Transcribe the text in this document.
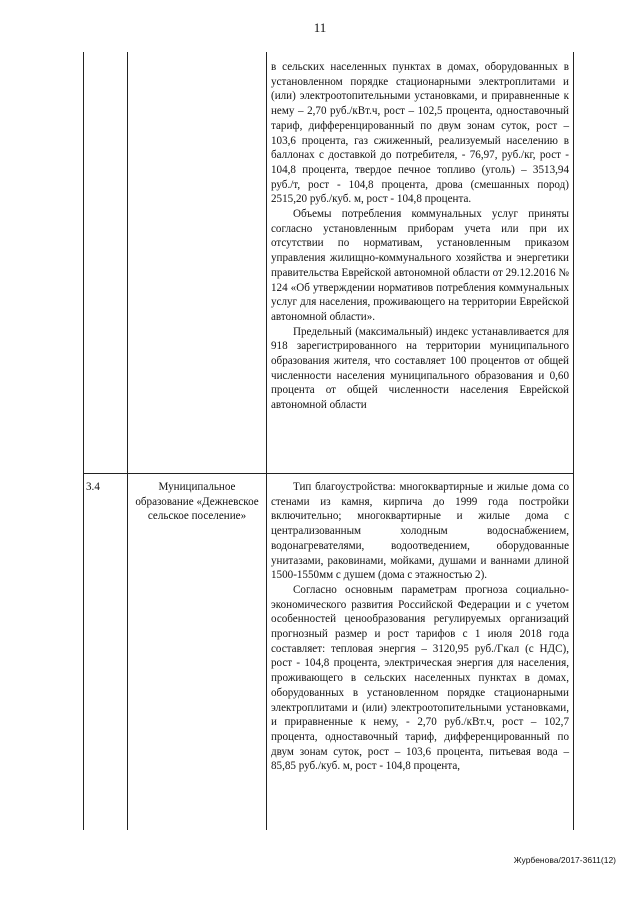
11

в сельских населенных пунктах в домах, оборудованных в установленном порядке стационарными электроплитами и (или) электроотопительными установками, и приравненные к нему – 2,70 руб./кВт.ч, рост – 102,5 процента, одноставочный тариф, дифференцированный по двум зонам суток, рост – 103,6 процента, газ сжиженный, реализуемый населению в баллонах с доставкой до потребителя, - 76,97, руб./кг, рост - 104,8 процента, твердое печное топливо (уголь) – 3513,94 руб./т, рост - 104,8 процента, дрова (смешанных пород) 2515,20 руб./куб. м, рост - 104,8 процента.

Объемы потребления коммунальных услуг приняты согласно установленным приборам учета или при их отсутствии по нормативам, установленным приказом управления жилищно-коммунального хозяйства и энергетики правительства Еврейской автономной области от 29.12.2016 № 124 «Об утверждении нормативов потребления коммунальных услуг для населения, проживающего на территории Еврейской автономной области».

Предельный (максимальный) индекс устанавливается для 918 зарегистрированного на территории муниципального образования жителя, что составляет 100 процентов от общей численности населения муниципального образования и 0,60 процента от общей численности населения Еврейской автономной области

3.4	Муниципальное образование «Дежневское сельское поселение»

Тип благоустройства: многоквартирные и жилые дома со стенами из камня, кирпича до 1999 года постройки включительно; многоквартирные и жилые дома с централизованным холодным водоснабжением, водонагревателями, водоотведением, оборудованные унитазами, раковинами, мойками, душами и ваннами длиной 1500-1550мм с душем (дома с этажностью 2).

Согласно основным параметрам прогноза социально-экономического развития Российской Федерации и с учетом особенностей ценообразования регулируемых организаций прогнозный размер и рост тарифов с 1 июля 2018 года составляет: тепловая энергия – 3120,95 руб./Гкал (с НДС), рост - 104,8 процента, электрическая энергия для населения, проживающего в сельских населенных пунктах в домах, оборудованных в установленном порядке стационарными электроплитами и (или) электроотопительными установками, и приравненные к нему, - 2,70 руб./кВт.ч, рост – 102,7 процента, одноставочный тариф, дифференцированный по двум зонам суток, рост – 103,6 процента, питьевая вода – 85,85 руб./куб. м, рост - 104,8 процента,

Журбенова/2017-3611(12)
